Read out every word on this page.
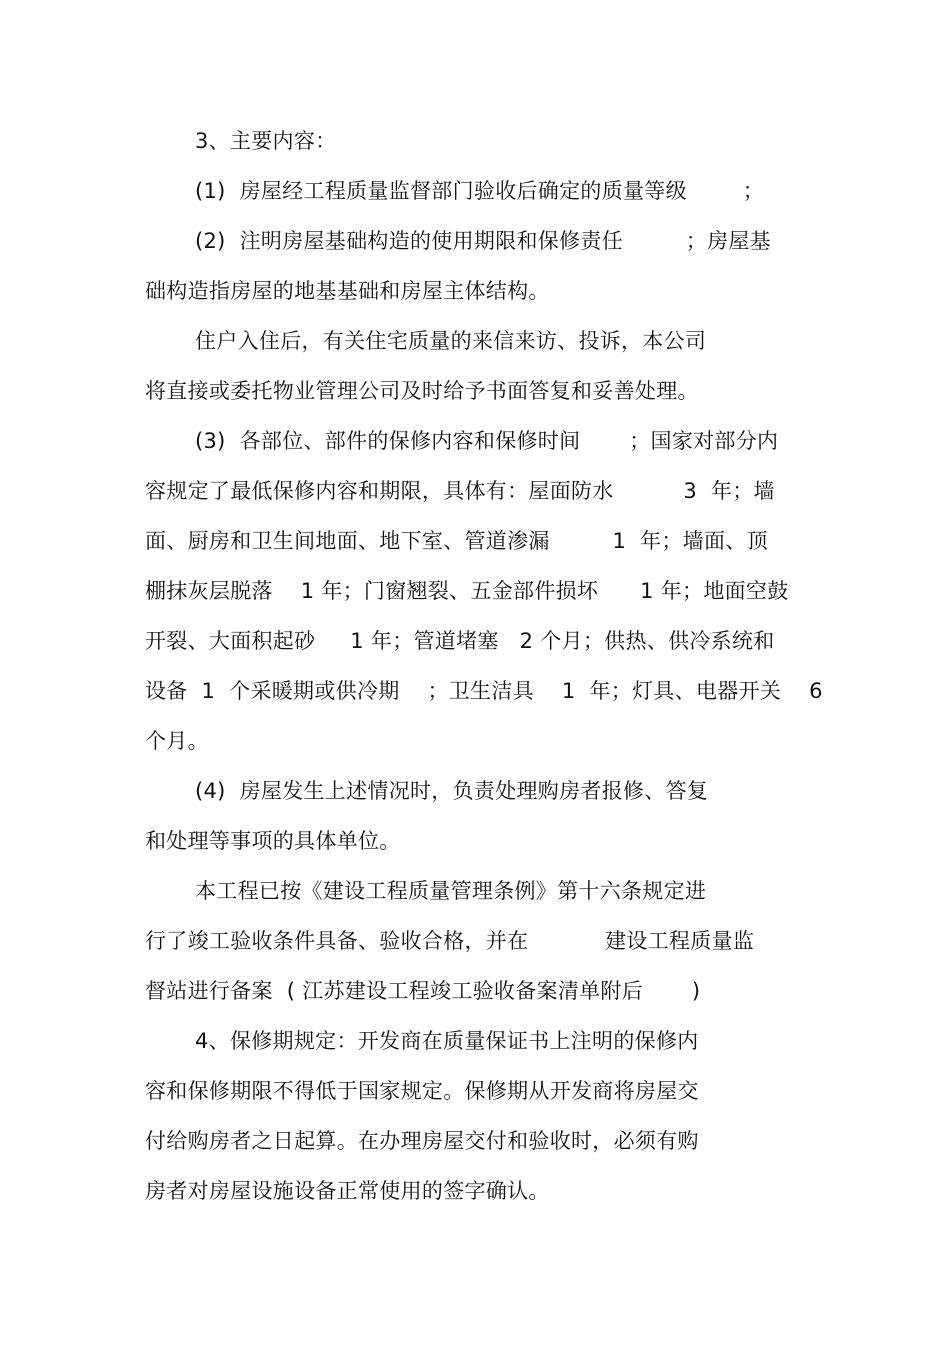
3、主要内容：
(1)  房屋经工程质量监督部门验收后确定的质量等级        ；
(2)  注明房屋基础构造的使用期限和保修责任         ；房屋基
础构造指房屋的地基基础和房屋主体结构。
住户入住后，有关住宅质量的来信来访、投诉，本公司
将直接或委托物业管理公司及时给予书面答复和妥善处理。
(3)  各部位、部件的保修内容和保修时间       ；国家对部分内
容规定了最低保修内容和期限，具体有：屋面防水          3  年；墙
面、厨房和卫生间地面、地下室、管道渗漏         1  年；墙面、顶
棚抹灰层脱落    1 年；门窗翘裂、五金部件损坏      1 年；地面空鼓
开裂、大面积起砂     1 年；管道堵塞   2 个月；供热、供冷系统和
设备  1  个采暖期或供冷期    ；卫生洁具    1  年；灯具、电器开关    6
个月。
(4)  房屋发生上述情况时，负责处理购房者报修、答复
和处理等事项的具体单位。
本工程已按《建设工程质量管理条例》第十六条规定进
行了竣工验收条件具备、验收合格，并在           建设工程质量监
督站进行备案  ( 江苏建设工程竣工验收备案清单附后       )
4、保修期规定：开发商在质量保证书上注明的保修内
容和保修期限不得低于国家规定。保修期从开发商将房屋交
付给购房者之日起算。在办理房屋交付和验收时，必须有购
房者对房屋设施设备正常使用的签字确认。
